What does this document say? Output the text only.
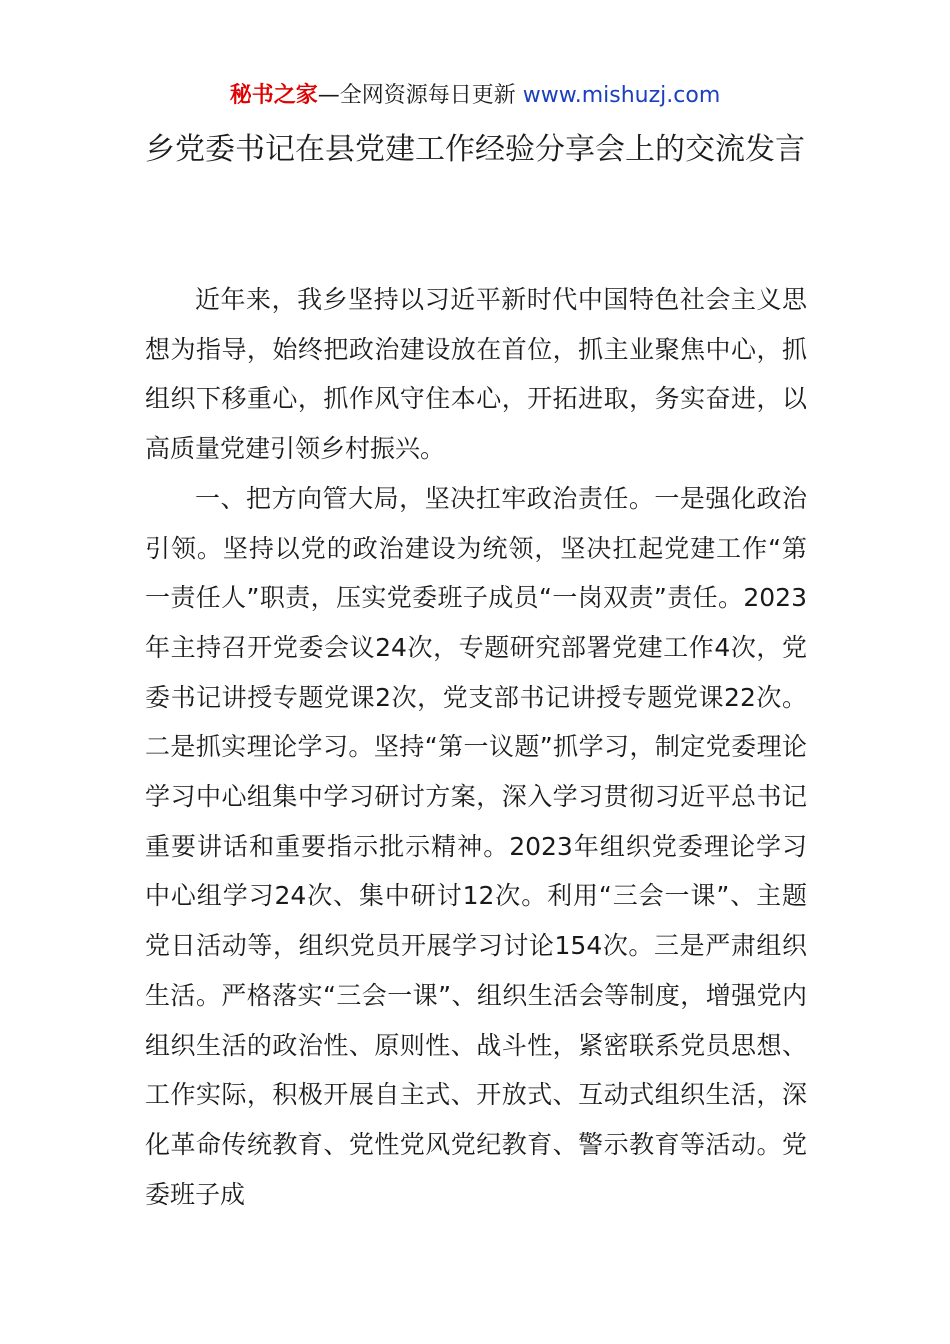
秘书之家—全网资源每日更新 www.mishuzj.com
乡党委书记在县党建工作经验分享会上的交流发言

近年来，我乡坚持以习近平新时代中国特色社会主义思想为指导，始终把政治建设放在首位，抓主业聚焦中心，抓组织下移重心，抓作风守住本心，开拓进取，务实奋进，以高质量党建引领乡村振兴。

一、把方向管大局，坚决扛牢政治责任。一是强化政治引领。坚持以党的政治建设为统领，坚决扛起党建工作“第一责任人”职责，压实党委班子成员“一岗双责”责任。2023年主持召开党委会议24次，专题研究部署党建工作4次，党委书记讲授专题党课2次，党支部书记讲授专题党课22次。二是抓实理论学习。坚持“第一议题”抓学习，制定党委理论学习中心组集中学习研讨方案，深入学习贯彻习近平总书记重要讲话和重要指示批示精神。2023年组织党委理论学习中心组学习24次、集中研讨12次。利用“三会一课”、主题党日活动等，组织党员开展学习讨论154次。三是严肃组织生活。严格落实“三会一课”、组织生活会等制度，增强党内组织生活的政治性、原则性、战斗性，紧密联系党员思想、工作实际，积极开展自主式、开放式、互动式组织生活，深化革命传统教育、党性党风党纪教育、警示教育等活动。党委班子成
